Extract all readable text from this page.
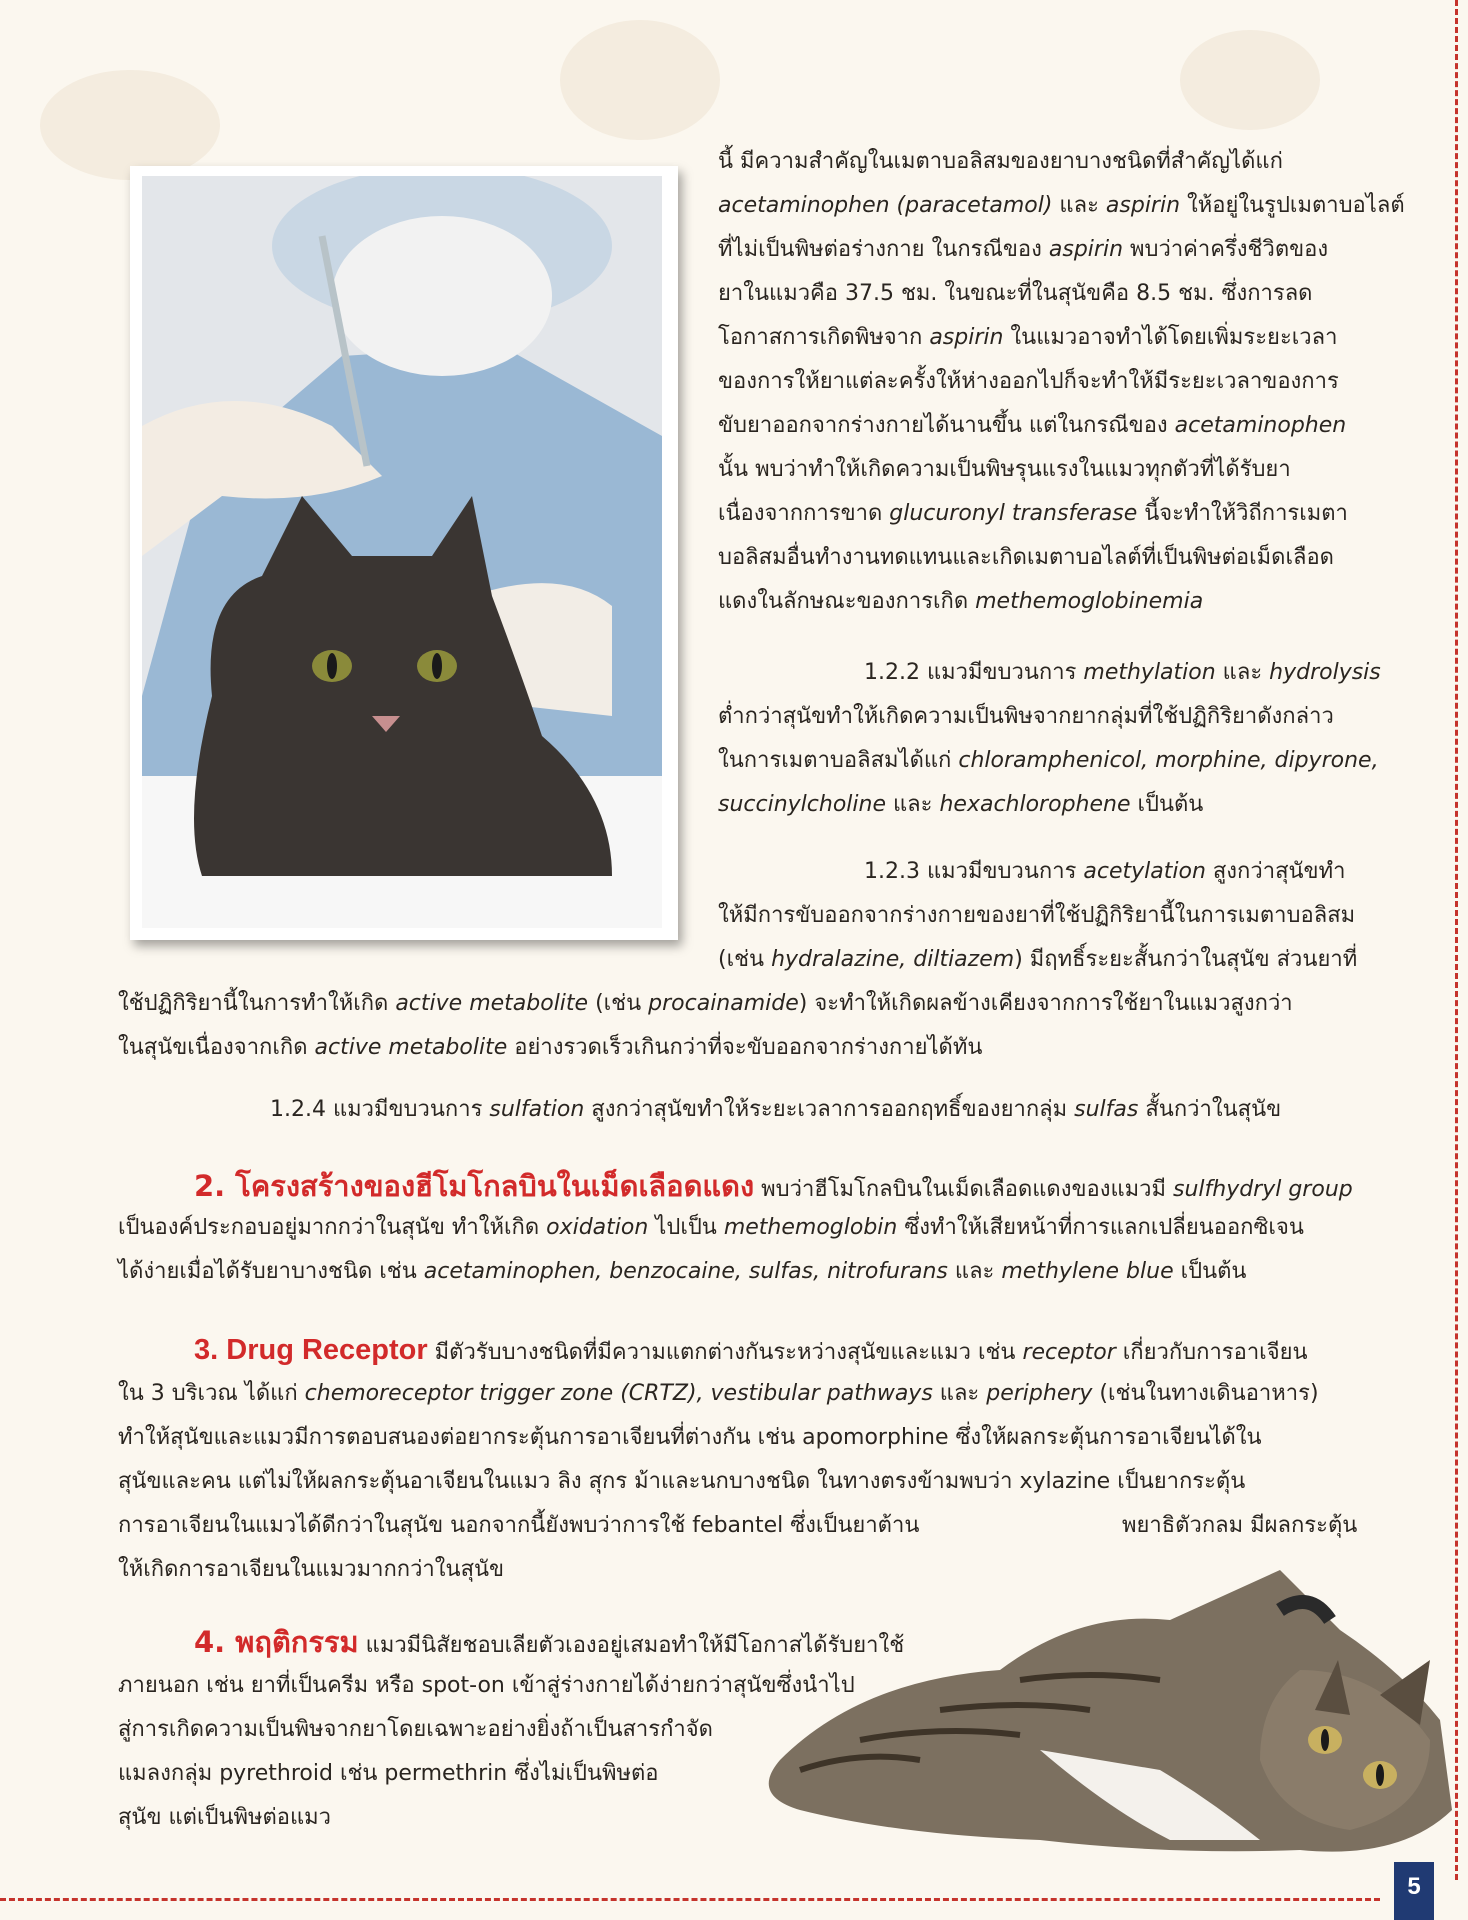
นี้ มีความสำคัญในเมตาบอลิสมของยาบางชนิดที่สำคัญได้แก่
acetaminophen (paracetamol) และ aspirin ให้อยู่ในรูปเมตาบอไลต์
ที่ไม่เป็นพิษต่อร่างกาย ในกรณีของ aspirin พบว่าค่าครึ่งชีวิตของ
ยาในแมวคือ 37.5 ชม. ในขณะที่ในสุนัขคือ 8.5 ชม. ซึ่งการลด
โอกาสการเกิดพิษจาก aspirin ในแมวอาจทำได้โดยเพิ่มระยะเวลา
ของการให้ยาแต่ละครั้งให้ห่างออกไปก็จะทำให้มีระยะเวลาของการ
ขับยาออกจากร่างกายได้นานขึ้น แต่ในกรณีของ acetaminophen
นั้น พบว่าทำให้เกิดความเป็นพิษรุนแรงในแมวทุกตัวที่ได้รับยา
เนื่องจากการขาด glucuronyl transferase นี้จะทำให้วิถีการเมตา
บอลิสมอื่นทำงานทดแทนและเกิดเมตาบอไลต์ที่เป็นพิษต่อเม็ดเลือด
แดงในลักษณะของการเกิด methemoglobinemia
1.2.2 แมวมีขบวนการ methylation และ hydrolysis
ต่ำกว่าสุนัขทำให้เกิดความเป็นพิษจากยากลุ่มที่ใช้ปฏิกิริยาดังกล่าว
ในการเมตาบอลิสมได้แก่ chloramphenicol, morphine, dipyrone,
succinylcholine และ hexachlorophene เป็นต้น
1.2.3 แมวมีขบวนการ acetylation สูงกว่าสุนัขทำ
ให้มีการขับออกจากร่างกายของยาที่ใช้ปฏิกิริยานี้ในการเมตาบอลิสม
(เช่น hydralazine, diltiazem) มีฤทธิ์ระยะสั้นกว่าในสุนัข ส่วนยาที่
ใช้ปฏิกิริยานี้ในการทำให้เกิด active metabolite (เช่น procainamide) จะทำให้เกิดผลข้างเคียงจากการใช้ยาในแมวสูงกว่า
ในสุนัขเนื่องจากเกิด active metabolite อย่างรวดเร็วเกินกว่าที่จะขับออกจากร่างกายได้ทัน
1.2.4 แมวมีขบวนการ sulfation สูงกว่าสุนัขทำให้ระยะเวลาการออกฤทธิ์ของยากลุ่ม sulfas สั้นกว่าในสุนัข
2. โครงสร้างของฮีโมโกลบินในเม็ดเลือดแดง พบว่าฮีโมโกลบินในเม็ดเลือดแดงของแมวมี sulfhydryl group
เป็นองค์ประกอบอยู่มากกว่าในสุนัข ทำให้เกิด oxidation ไปเป็น methemoglobin ซึ่งทำให้เสียหน้าที่การแลกเปลี่ยนออกซิเจน
ได้ง่ายเมื่อได้รับยาบางชนิด เช่น acetaminophen, benzocaine, sulfas, nitrofurans และ methylene blue เป็นต้น
3. Drug Receptor มีตัวรับบางชนิดที่มีความแตกต่างกันระหว่างสุนัขและแมว เช่น receptor เกี่ยวกับการอาเจียน
ใน 3 บริเวณ ได้แก่ chemoreceptor trigger zone (CRTZ), vestibular pathways และ periphery (เช่นในทางเดินอาหาร)
ทำให้สุนัขและแมวมีการตอบสนองต่อยากระตุ้นการอาเจียนที่ต่างกัน เช่น apomorphine ซึ่งให้ผลกระตุ้นการอาเจียนได้ใน
สุนัขและคน แต่ไม่ให้ผลกระตุ้นอาเจียนในแมว ลิง สุกร ม้าและนกบางชนิด ในทางตรงข้ามพบว่า xylazine เป็นยากระตุ้น
การอาเจียนในแมวได้ดีกว่าในสุนัข นอกจากนี้ยังพบว่าการใช้ febantel ซึ่งเป็นยาต้าน	พยาธิตัวกลม มีผลกระตุ้น
ให้เกิดการอาเจียนในแมวมากกว่าในสุนัข
4. พฤติกรรม แมวมีนิสัยชอบเลียตัวเองอยู่เสมอทำให้มีโอกาสได้รับยาใช้
ภายนอก เช่น ยาที่เป็นครีม หรือ spot-on เข้าสู่ร่างกายได้ง่ายกว่าสุนัขซึ่งนำไป
สู่การเกิดความเป็นพิษจากยาโดยเฉพาะอย่างยิ่งถ้าเป็นสารกำจัด
แมลงกลุ่ม pyrethroid เช่น permethrin ซึ่งไม่เป็นพิษต่อ
สุนัข แต่เป็นพิษต่อแมว
5
